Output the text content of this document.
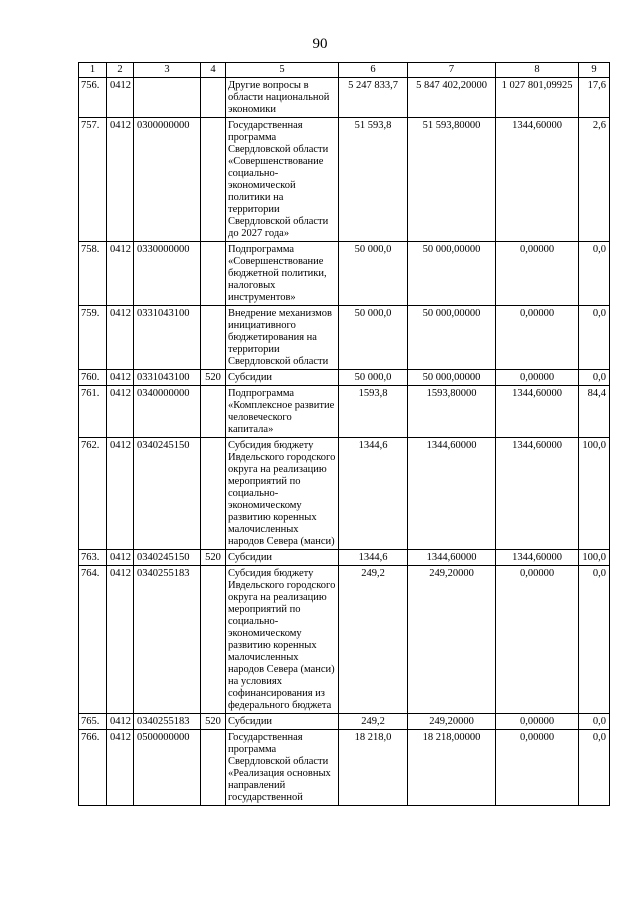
90
1	2	3	4	5	6	7	8	9
756.	0412			Другие вопросы в области национальной экономики	5 247 833,7	5 847 402,20000	1 027 801,09925	17,6
757.	0412	0300000000		Государственная программа Свердловской области «Совершенствование социально-экономической политики на территории Свердловской области до 2027 года»	51 593,8	51 593,80000	1344,60000	2,6
758.	0412	0330000000		Подпрограмма «Совершенствование бюджетной политики, налоговых инструментов»	50 000,0	50 000,00000	0,00000	0,0
759.	0412	0331043100		Внедрение механизмов инициативного бюджетирования на территории Свердловской области	50 000,0	50 000,00000	0,00000	0,0
760.	0412	0331043100	520	Субсидии	50 000,0	50 000,00000	0,00000	0,0
761.	0412	0340000000		Подпрограмма «Комплексное развитие человеческого капитала»	1593,8	1593,80000	1344,60000	84,4
762.	0412	0340245150		Субсидия бюджету Ивдельского городского округа на реализацию мероприятий по социально-экономическому развитию коренных малочисленных народов Севера (манси)	1344,6	1344,60000	1344,60000	100,0
763.	0412	0340245150	520	Субсидии	1344,6	1344,60000	1344,60000	100,0
764.	0412	0340255183		Субсидия бюджету Ивдельского городского округа на реализацию мероприятий по социально-экономическому развитию коренных малочисленных народов Севера (манси) на условиях софинансирования из федерального бюджета	249,2	249,20000	0,00000	0,0
765.	0412	0340255183	520	Субсидии	249,2	249,20000	0,00000	0,0
766.	0412	0500000000		Государственная программа Свердловской области «Реализация основных направлений государственной	18 218,0	18 218,00000	0,00000	0,0
